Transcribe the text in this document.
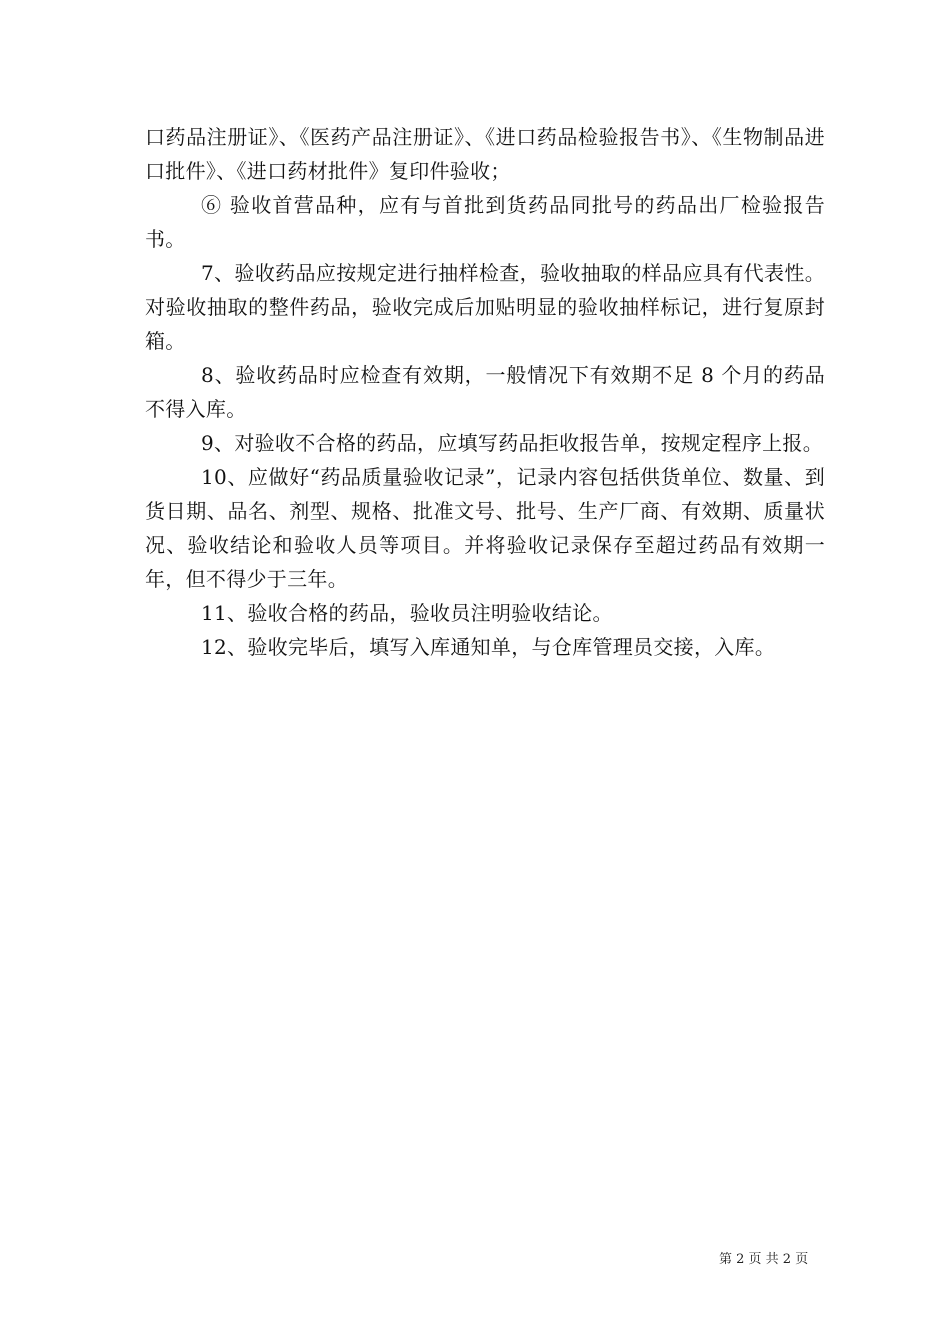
口药品注册证》、《医药产品注册证》、《进口药品检验报告书》、《生物制品进口批件》、《进口药材批件》复印件验收；

⑥ 验收首营品种，应有与首批到货药品同批号的药品出厂检验报告书。

7、验收药品应按规定进行抽样检查，验收抽取的样品应具有代表性。对验收抽取的整件药品，验收完成后加贴明显的验收抽样标记，进行复原封箱。

8、验收药品时应检查有效期，一般情况下有效期不足 8 个月的药品不得入库。

9、对验收不合格的药品，应填写药品拒收报告单，按规定程序上报。

10、应做好“药品质量验收记录”，记录内容包括供货单位、数量、到货日期、品名、剂型、规格、批准文号、批号、生产厂商、有效期、质量状况、验收结论和验收人员等项目。并将验收记录保存至超过药品有效期一年，但不得少于三年。

11、验收合格的药品，验收员注明验收结论。

12、验收完毕后，填写入库通知单，与仓库管理员交接，入库。

第 2 页 共 2 页
